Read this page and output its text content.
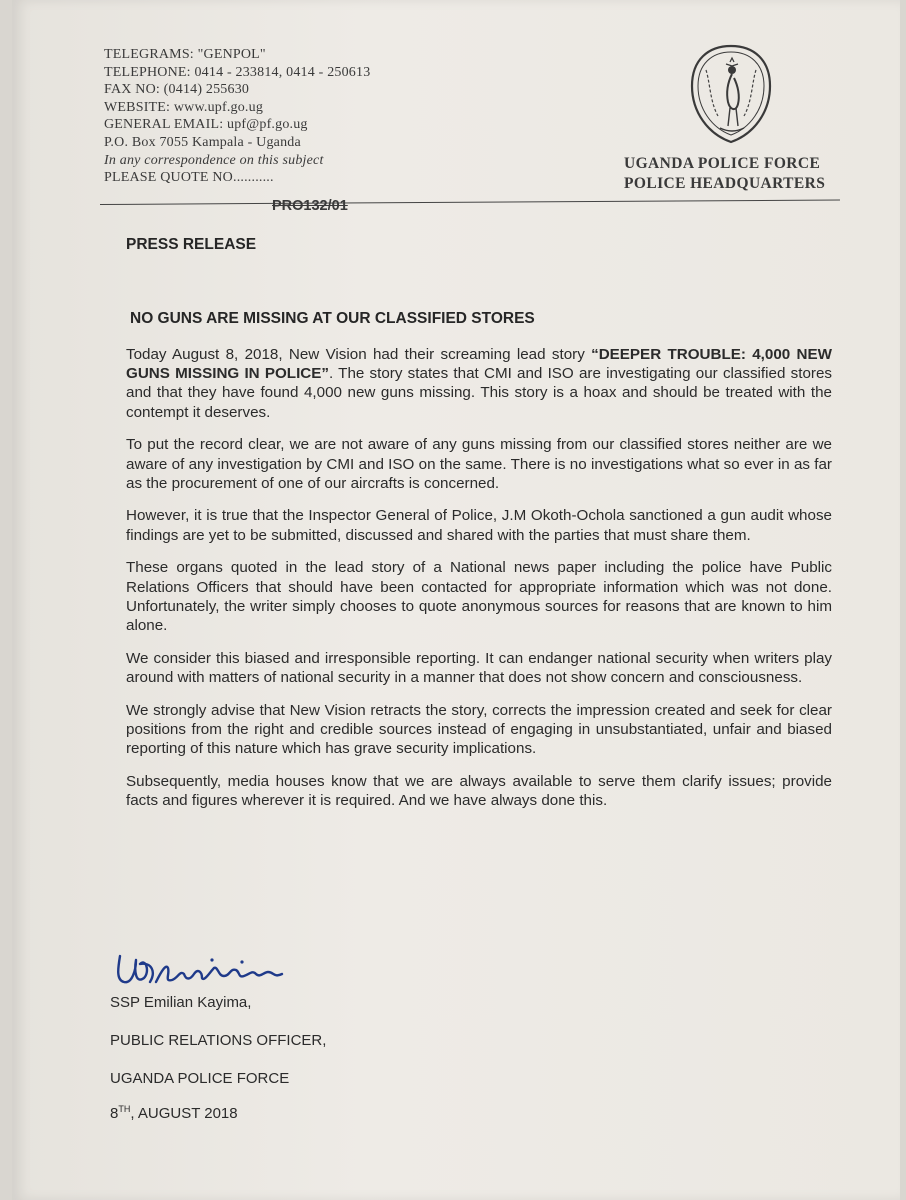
TELEGRAMS: "GENPOL"
TELEPHONE: 0414 - 233814, 0414 - 250613
FAX NO: (0414) 255630
WEBSITE: www.upf.go.ug
GENERAL EMAIL: upf@pf.go.ug
P.O. Box 7055 Kampala - Uganda
In any correspondence on this subject
PLEASE QUOTE NO...........
UGANDA POLICE FORCE
POLICE HEADQUARTERS
PRO132/01
PRESS RELEASE
NO GUNS ARE MISSING AT OUR CLASSIFIED STORES

Today August 8, 2018, New Vision had their screaming lead story “DEEPER TROUBLE: 4,000 NEW GUNS MISSING IN POLICE”. The story states that CMI and ISO are investigating our classified stores and that they have found 4,000 new guns missing. This story is a hoax and should be treated with the contempt it deserves.

To put the record clear, we are not aware of any guns missing from our classified stores neither are we aware of any investigation by CMI and ISO on the same. There is no investigations what so ever in as far as the procurement of one of our aircrafts is concerned.

However, it is true that the Inspector General of Police, J.M Okoth-Ochola sanctioned a gun audit whose findings are yet to be submitted, discussed and shared with the parties that must share them.

These organs quoted in the lead story of a National news paper including the police have Public Relations Officers that should have been contacted for appropriate information which was not done. Unfortunately, the writer simply chooses to quote anonymous sources for reasons that are known to him alone.

We consider this biased and irresponsible reporting. It can endanger national security when writers play around with matters of national security in a manner that does not show concern and consciousness.

We strongly advise that New Vision retracts the story, corrects the impression created and seek for clear positions from the right and credible sources instead of engaging in unsubstantiated, unfair and biased reporting of this nature which has grave security implications.

Subsequently, media houses know that we are always available to serve them clarify issues; provide facts and figures wherever it is required. And we have always done this.

SSP Emilian Kayima,
PUBLIC RELATIONS OFFICER,
UGANDA POLICE FORCE
8TH, AUGUST 2018
